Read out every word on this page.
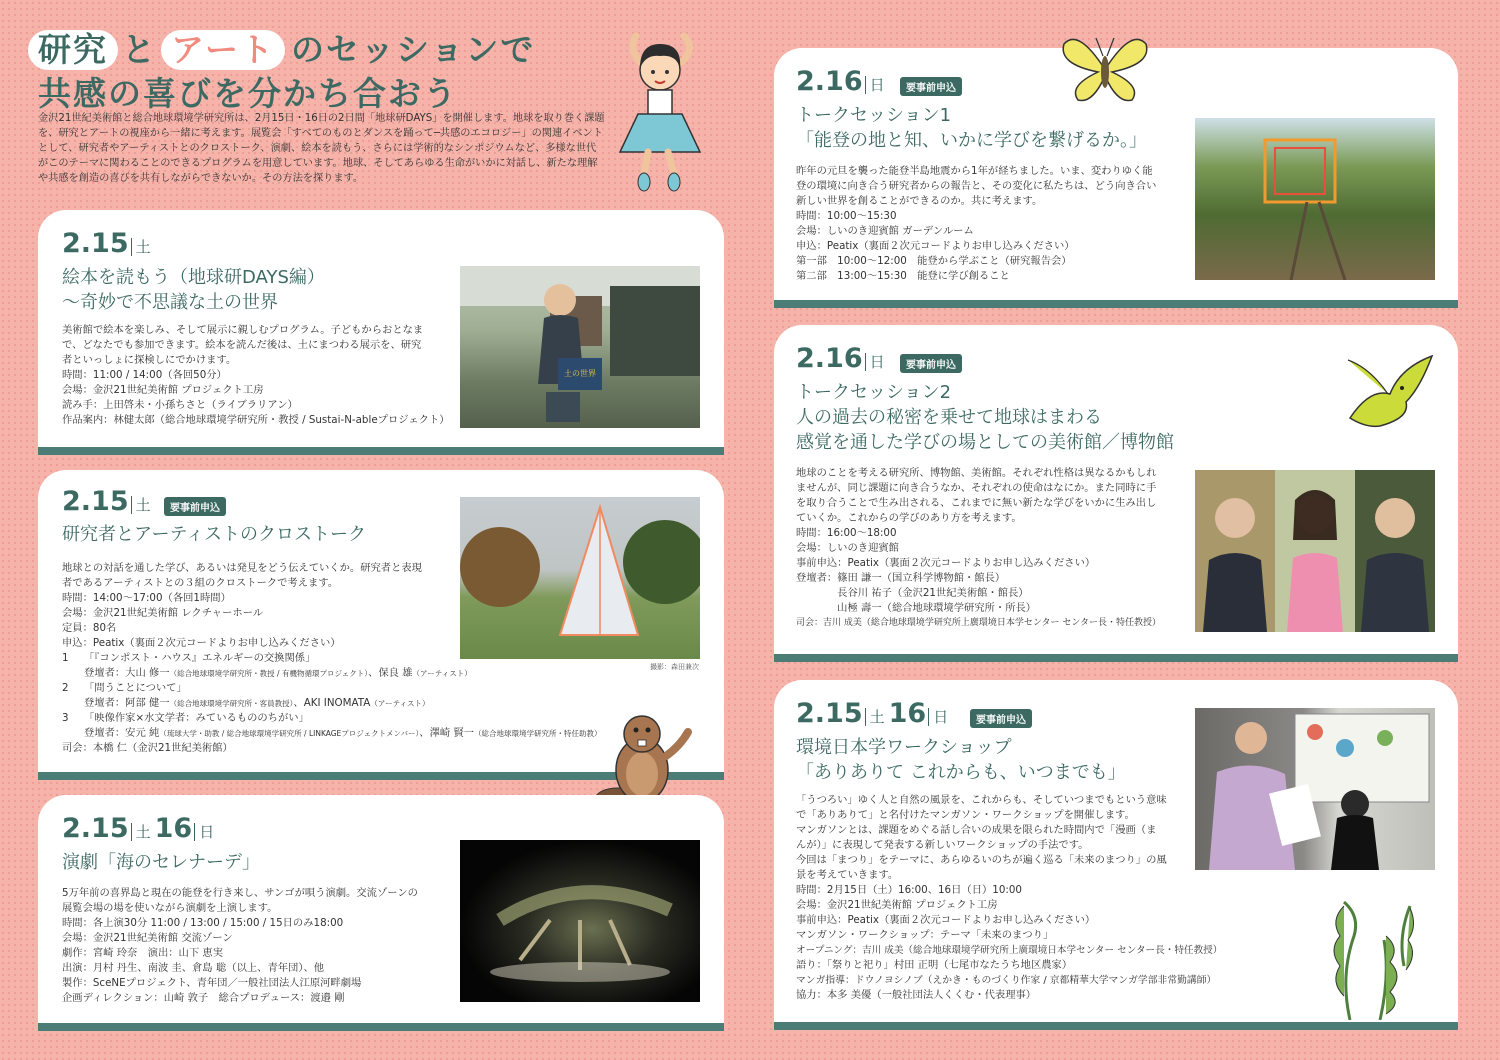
研究 と アート のセッションで
共感の喜びを分かち合おう
金沢21世紀美術館と総合地球環境学研究所は、2月15日・16日の2日間「地球研DAYS」を開催します。地球を取り巻く課題を、研究とアートの視座から一緒に考えます。展覧会「すべてのものとダンスを踊って─共感のエコロジー」の関連イベントとして、研究者やアーティストとのクロストーク、演劇、絵本を読もう、さらには学術的なシンポジウムなど、多様な世代がこのテーマに関わることのできるプログラムを用意しています。地球、そしてあらゆる生命がいかに対話し、新たな理解や共感を創造の喜びを共有しながらできないか。その方法を探ります。
2.15 土
絵本を読もう（地球研DAYS編）
〜奇妙で不思議な土の世界
美術館で絵本を楽しみ、そして展示に親しむプログラム。子どもからおとなま
で、どなたでも参加できます。絵本を読んだ後は、土にまつわる展示を、研究
者といっしょに探検しにでかけます。
時間：11:00 / 14:00（各回50分）
会場：金沢21世紀美術館 プロジェクト工房
読み手：上田啓未・小孫ちさと（ライブラリアン）
作品案内：林健太郎（総合地球環境学研究所・教授 / Sustai-N-ableプロジェクト）
土の世界
2.15 土	要事前申込
研究者とアーティストのクロストーク
地球との対話を通した学び、あるいは発見をどう伝えていくか。研究者と表現
者であるアーティストとの３組のクロストークで考えます。
時間：14:00〜17:00（各回1時間）
会場：金沢21世紀美術館 レクチャーホール
定員：80名
申込：Peatix（裏面２次元コードよりお申し込みください）
1 「『コンポスト・ハウス』エネルギーの交換関係」
登壇者：大山 修一（総合地球環境学研究所・教授 / 有機物循環プロジェクト）、保良 雄（アーティスト）
2 「問うことについて」
登壇者：阿部 健一（総合地球環境学研究所・客員教授）、AKI INOMATA（アーティスト）
3 「映像作家×水文学者：みているもののちがい」
登壇者：安元 純（琉球大学・助教 / 総合地球環境学研究所 / LINKAGEプロジェクトメンバー）、澤崎 賢一（総合地球環境学研究所・特任助教）
司会：本橋 仁（金沢21世紀美術館）
撮影：森田兼次
2.15 土 16 日
演劇「海のセレナーデ」
5万年前の喜界島と現在の能登を行き来し、サンゴが唄う演劇。交流ゾーンの
展覧会場の場を使いながら演劇を上演します。
時間：各上演30分 11:00 / 13:00 / 15:00 / 15日のみ18:00
会場：金沢21世紀美術館 交流ゾーン
劇作：宮崎 玲奈　演出：山下 恵実
出演：月村 丹生、南波 圭、倉島 聡（以上、青年団）、他
製作：SceNEプロジェクト、青年団／一般社団法人江原河畔劇場
企画ディレクション：山崎 敦子　総合プロデュース：渡邉 剛
2.16 日	要事前申込
トークセッション1
「能登の地と知、いかに学びを繋げるか。」
昨年の元旦を襲った能登半島地震から1年が経ちました。いま、変わりゆく能
登の環境に向き合う研究者からの報告と、その変化に私たちは、どう向き合い
新しい世界を創ることができるのか。共に考えます。
時間：10:00〜15:30
会場：しいのき迎賓館 ガーデンルーム
申込：Peatix（裏面２次元コードよりお申し込みください）
第一部　10:00〜12:00　能登から学ぶこと（研究報告会）
第二部　13:00〜15:30　能登に学び創ること
2.16 日	要事前申込
トークセッション2
人の過去の秘密を乗せて地球はまわる
感覚を通した学びの場としての美術館／博物館
地球のことを考える研究所、博物館、美術館。それぞれ性格は異なるかもしれ
ませんが、同じ課題に向き合うなか、それぞれの使命はなにか。また同時に手
を取り合うことで生み出される、これまでに無い新たな学びをいかに生み出し
ていくか。これからの学びのあり方を考えます。
時間：16:00〜18:00
会場：しいのき迎賓館
事前申込：Peatix（裏面２次元コードよりお申し込みください）
登壇者：篠田 謙一（国立科学博物館・館長）
　　　　長谷川 祐子（金沢21世紀美術館・館長）
　　　　山極 壽一（総合地球環境学研究所・所長）
司会：吉川 成美（総合地球環境学研究所上廣環境日本学センター センター長・特任教授）
2.15 土 16 日	要事前申込
環境日本学ワークショップ
「ありありて これからも、いつまでも」
「うつろい」ゆく人と自然の風景を、これからも、そしていつまでもという意味
で「ありありて」と名付けたマンガソン・ワークショップを開催します。
マンガソンとは、課題をめぐる話し合いの成果を限られた時間内で「漫画（ま
んが）」に表現して発表する新しいワークショップの手法です。
今回は「まつり」をテーマに、あらゆるいのちが遍く巡る「未来のまつり」の風
景を考えていきます。
時間：2月15日（土）16:00、16日（日）10:00
会場：金沢21世紀美術館 プロジェクト工房
事前申込：Peatix（裏面２次元コードよりお申し込みください）
マンガソン・ワークショップ：テーマ「未来のまつり」
オープニング：吉川 成美（総合地球環境学研究所上廣環境日本学センター センター長・特任教授）
語り：「祭りと祀り」村田 正明（七尾市なたうち地区農家）
マンガ指導：ドウノヨシノブ（えかき・ものづくり作家 / 京都精華大学マンガ学部非常勤講師）
協力：本多 美優（一般社団法人くくむ・代表理事）
